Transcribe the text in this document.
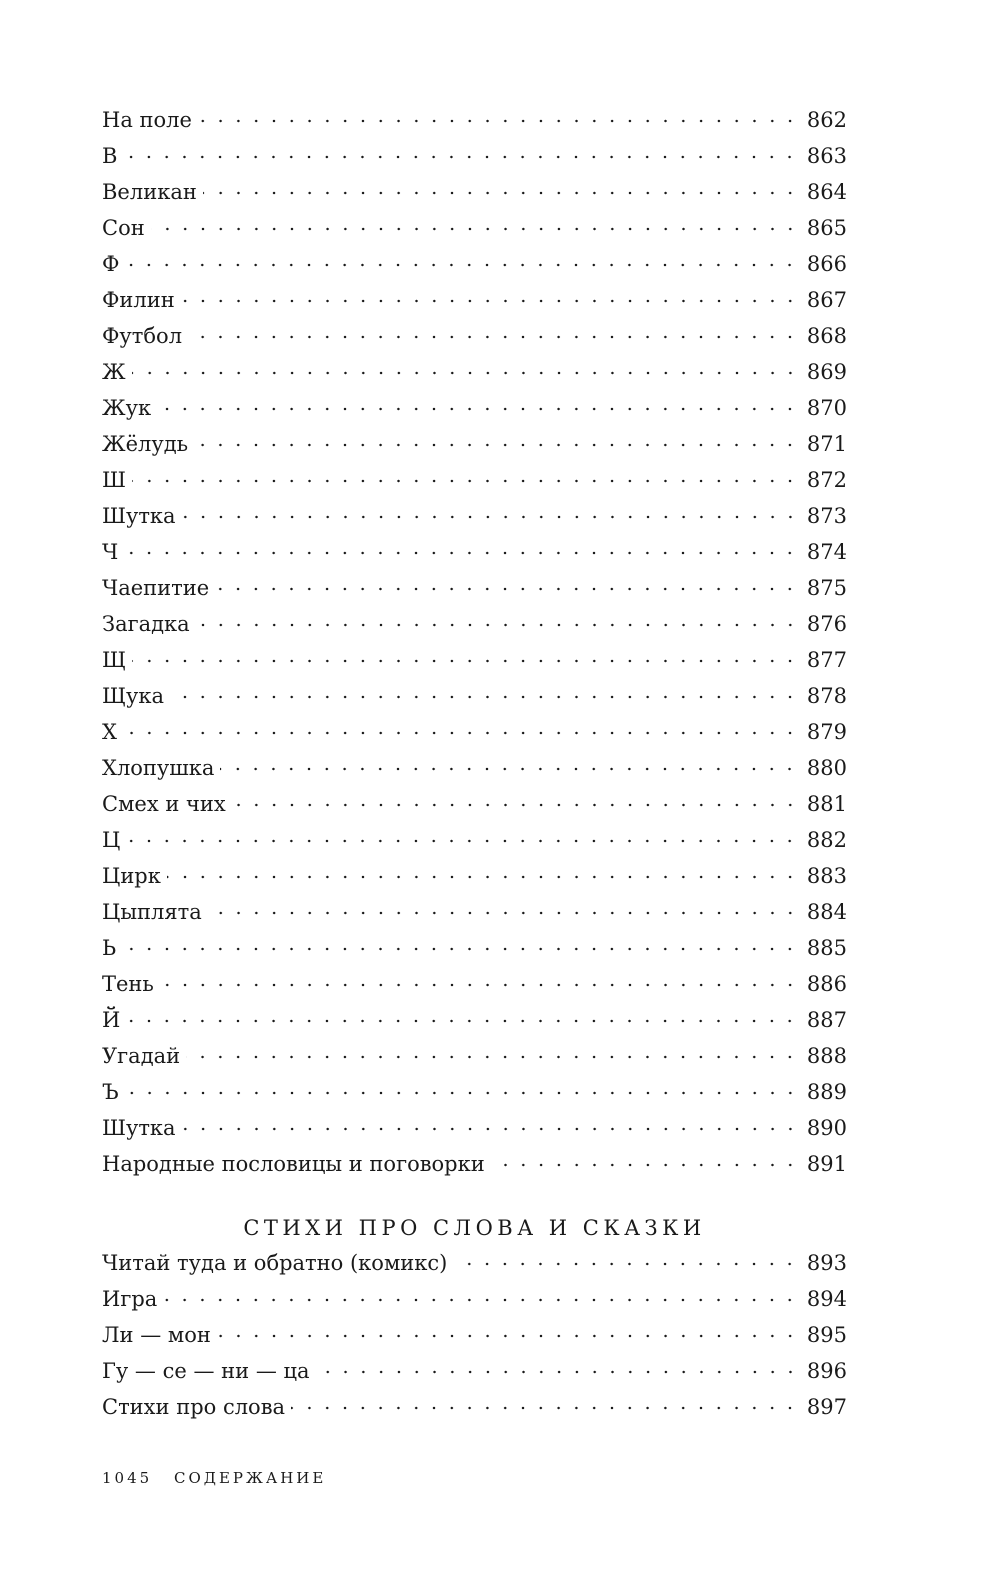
На поле	862
В	863
Великан	864
Сон	865
Ф	866
Филин	867
Футбол	868
Ж	869
Жук	870
Жёлудь	871
Ш	872
Шутка	873
Ч	874
Чаепитие	875
Загадка	876
Щ	877
Щука	878
Х	879
Хлопушка	880
Смех и чих	881
Ц	882
Цирк	883
Цыплята	884
Ь	885
Тень	886
Й	887
Угадай	888
Ъ	889
Шутка	890
Народные пословицы и поговорки	891
СТИХИ ПРО СЛОВА И СКАЗКИ
Читай туда и обратно (комикс)	893
Игра	894
Ли — мон	895
Гу — се — ни — ца	896
Стихи про слова	897
1045 СОДЕРЖАНИЕ
